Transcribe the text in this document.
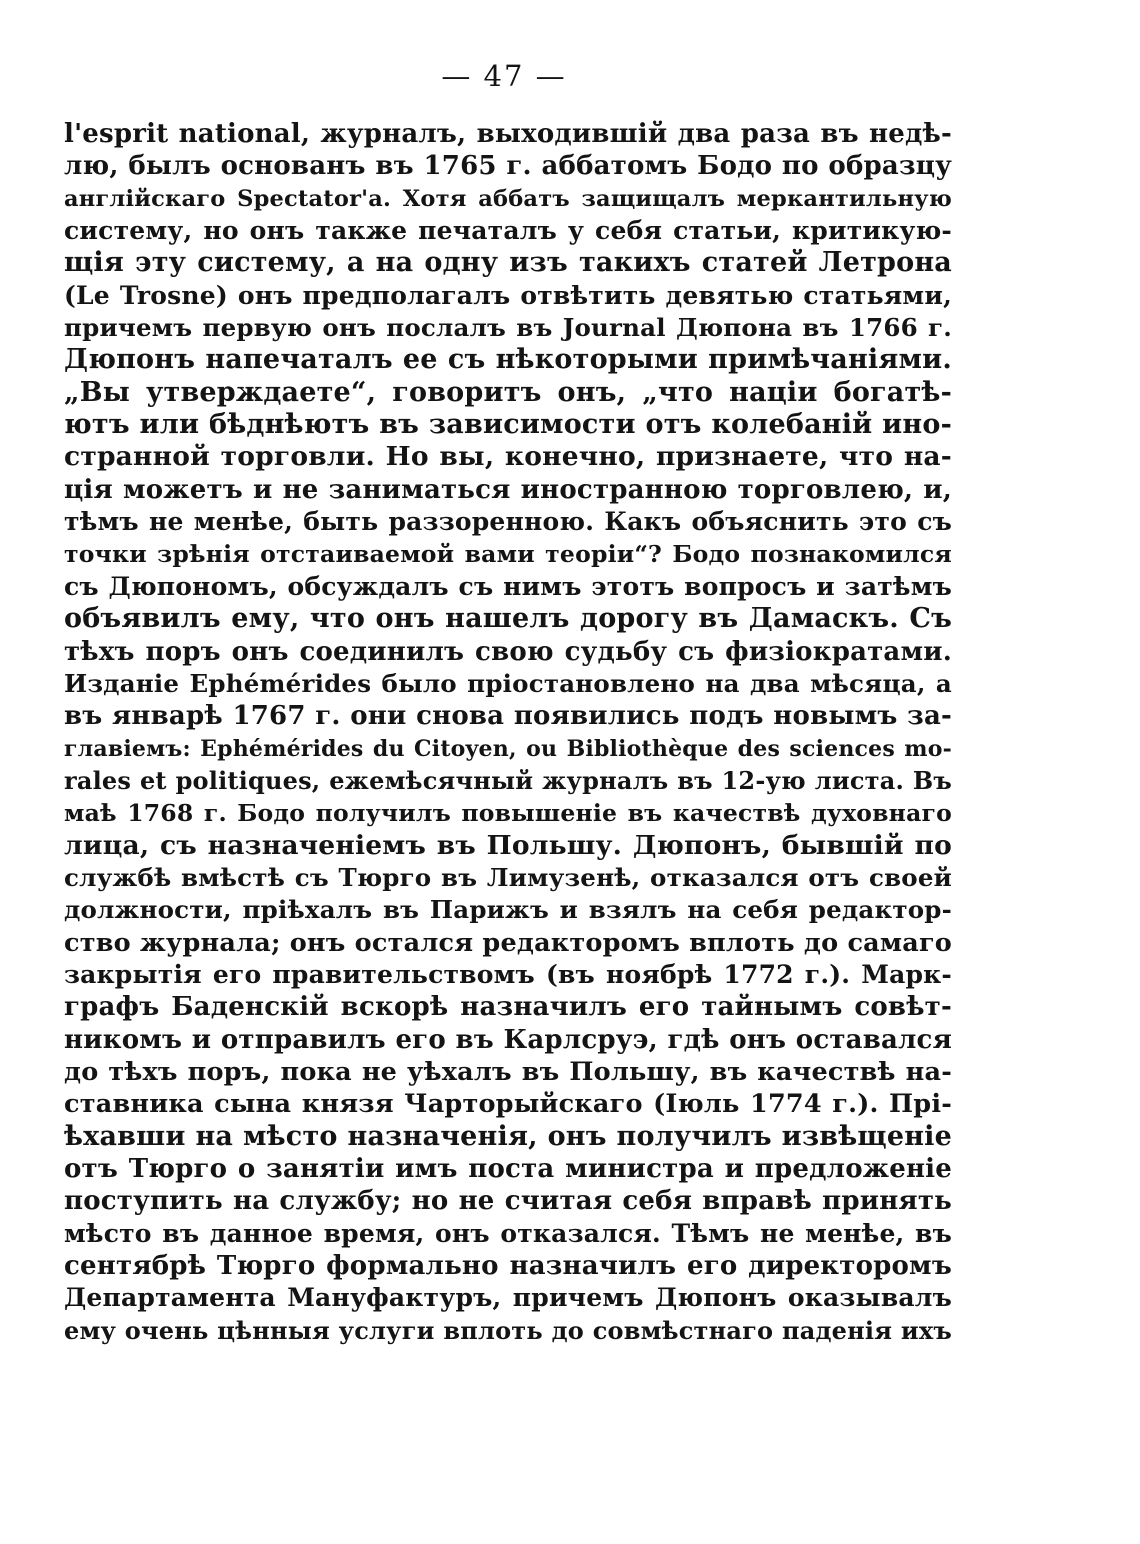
— 47 —
l'esprit national, журналъ, выходившій два раза въ недѣ-
лю, былъ основанъ въ 1765 г. аббатомъ Бодо по образцу
англійскаго Spectator'a. Хотя аббатъ защищалъ меркантильную
систему, но онъ также печаталъ у себя статьи, критикую-
щія эту систему, а на одну изъ такихъ статей Летрона
(Le Trosne) онъ предполагалъ отвѣтить девятью статьями,
причемъ первую онъ послалъ въ Journal Дюпона въ 1766 г.
Дюпонъ напечаталъ ее съ нѣкоторыми примѣчаніями.
„Вы утверждаете“, говоритъ онъ, „что націи богатѣ-
ютъ или бѣднѣютъ въ зависимости отъ колебаній ино-
странной торговли. Но вы, конечно, признаете, что на-
ція можетъ и не заниматься иностранною торговлею, и,
тѣмъ не менѣе, быть раззоренною. Какъ объяснить это съ
точки зрѣнія отстаиваемой вами теоріи“? Бодо познакомился
съ Дюпономъ, обсуждалъ съ нимъ этотъ вопросъ и затѣмъ
объявилъ ему, что онъ нашелъ дорогу въ Дамаскъ. Съ
тѣхъ поръ онъ соединилъ свою судьбу съ физіократами.
Изданіе Ephémérides было пріостановлено на два мѣсяца, а
въ январѣ 1767 г. они снова появились подъ новымъ за-
главіемъ: Ephémérides du Citoyen, ou Bibliothèque des sciences mo-
rales et politiques, ежемѣсячный журналъ въ 12-ую листа. Въ
маѣ 1768 г. Бодо получилъ повышеніе въ качествѣ духовнаго
лица, съ назначеніемъ въ Польшу. Дюпонъ, бывшій по
службѣ вмѣстѣ съ Тюрго въ Лимузенѣ, отказался отъ своей
должности, пріѣхалъ въ Парижъ и взялъ на себя редактор-
ство журнала; онъ остался редакторомъ вплоть до самаго
закрытія его правительствомъ (въ ноябрѣ 1772 г.). Марк-
графъ Баденскій вскорѣ назначилъ его тайнымъ совѣт-
никомъ и отправилъ его въ Карлсруэ, гдѣ онъ оставался
до тѣхъ поръ, пока не уѣхалъ въ Польшу, въ качествѣ на-
ставника сына князя Чарторыйскаго (Іюль 1774 г.). Прі-
ѣхавши на мѣсто назначенія, онъ получилъ извѣщеніе
отъ Тюрго о занятіи имъ поста министра и предложеніе
поступить на службу; но не считая себя вправѣ принять
мѣсто въ данное время, онъ отказался. Тѣмъ не менѣе, въ
сентябрѣ Тюрго формально назначилъ его директоромъ
Департамента Мануфактуръ, причемъ Дюпонъ оказывалъ
ему очень цѣнныя услуги вплоть до совмѣстнаго паденія ихъ
